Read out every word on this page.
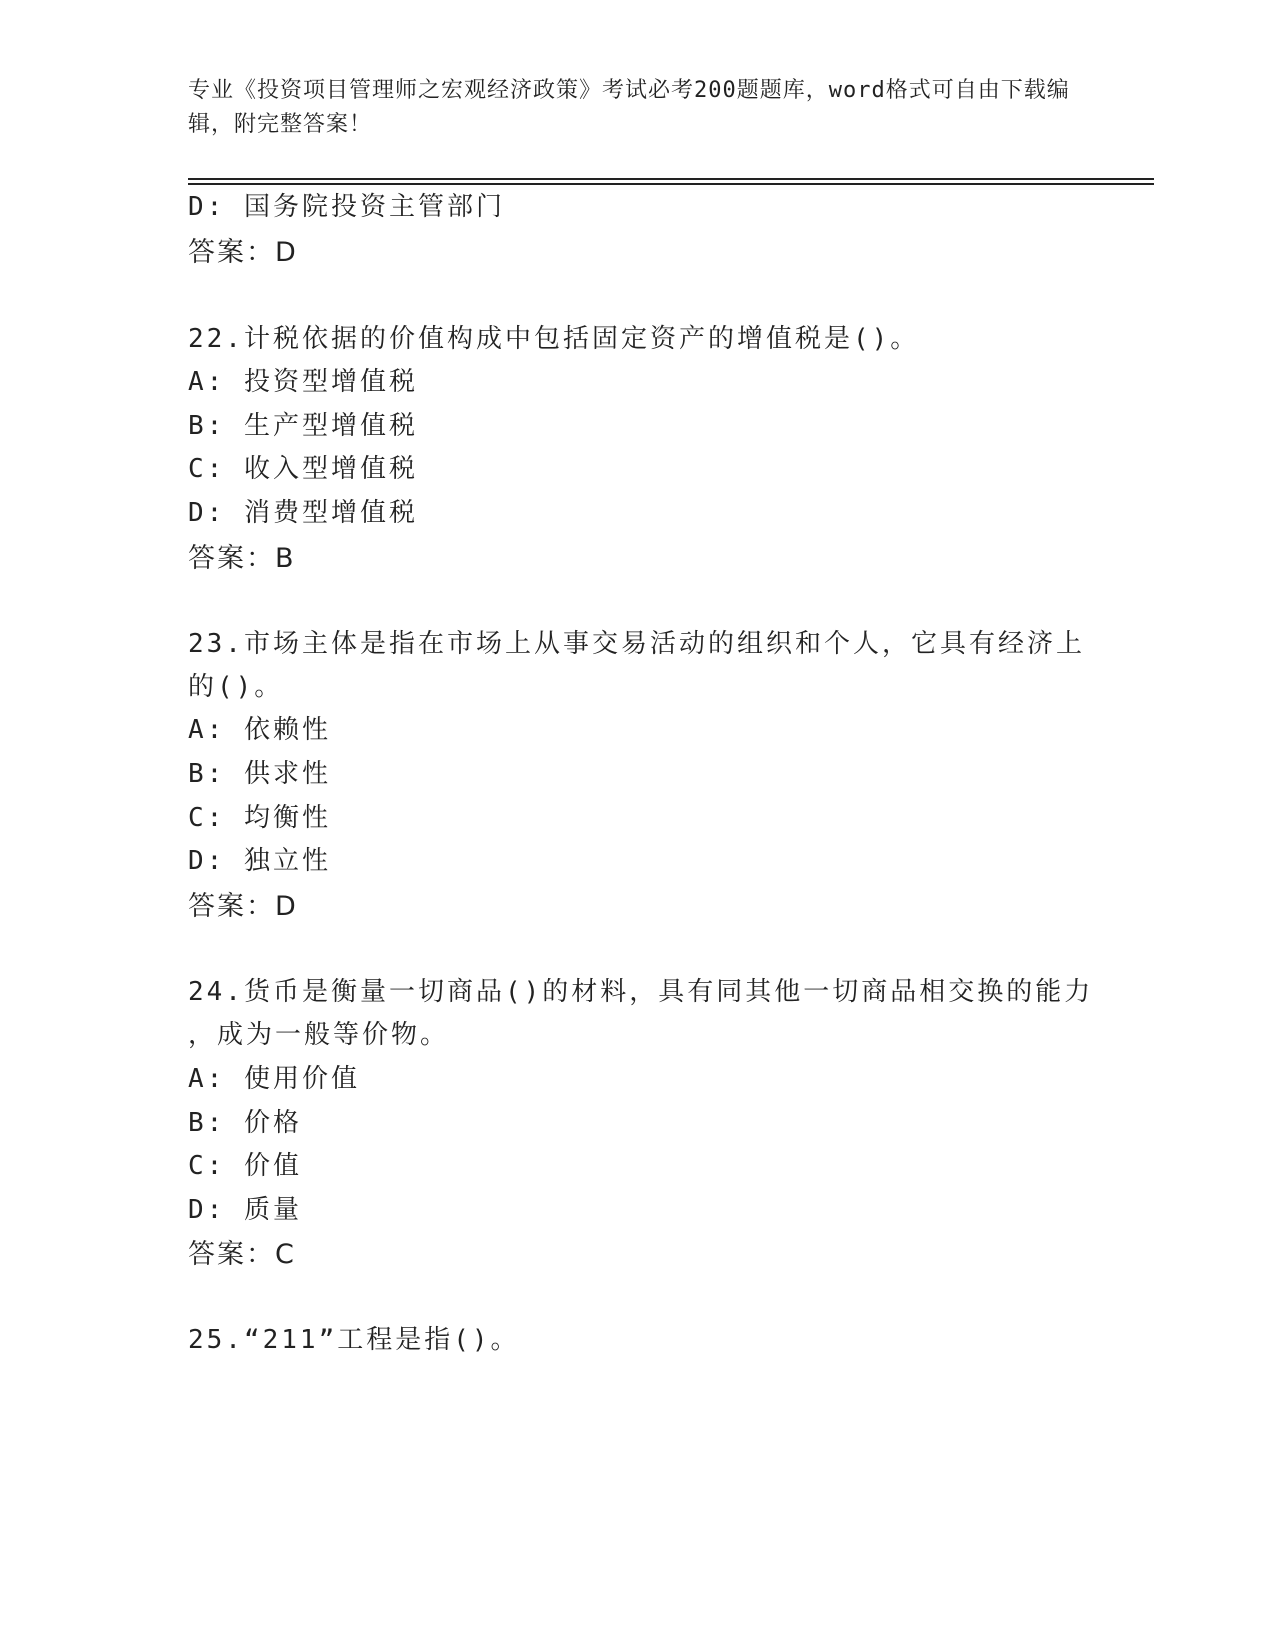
专业《投资项目管理师之宏观经济政策》考试必考200题题库，word格式可自由下载编辑，附完整答案！
D: 国务院投资主管部门
答案：D
22.计税依据的价值构成中包括固定资产的增值税是()。
A: 投资型增值税
B: 生产型增值税
C: 收入型增值税
D: 消费型增值税
答案：B
23.市场主体是指在市场上从事交易活动的组织和个人，它具有经济上
的()。
A: 依赖性
B: 供求性
C: 均衡性
D: 独立性
答案：D
24.货币是衡量一切商品()的材料，具有同其他一切商品相交换的能力
，成为一般等价物。
A: 使用价值
B: 价格
C: 价值
D: 质量
答案：C
25.“211”工程是指()。
